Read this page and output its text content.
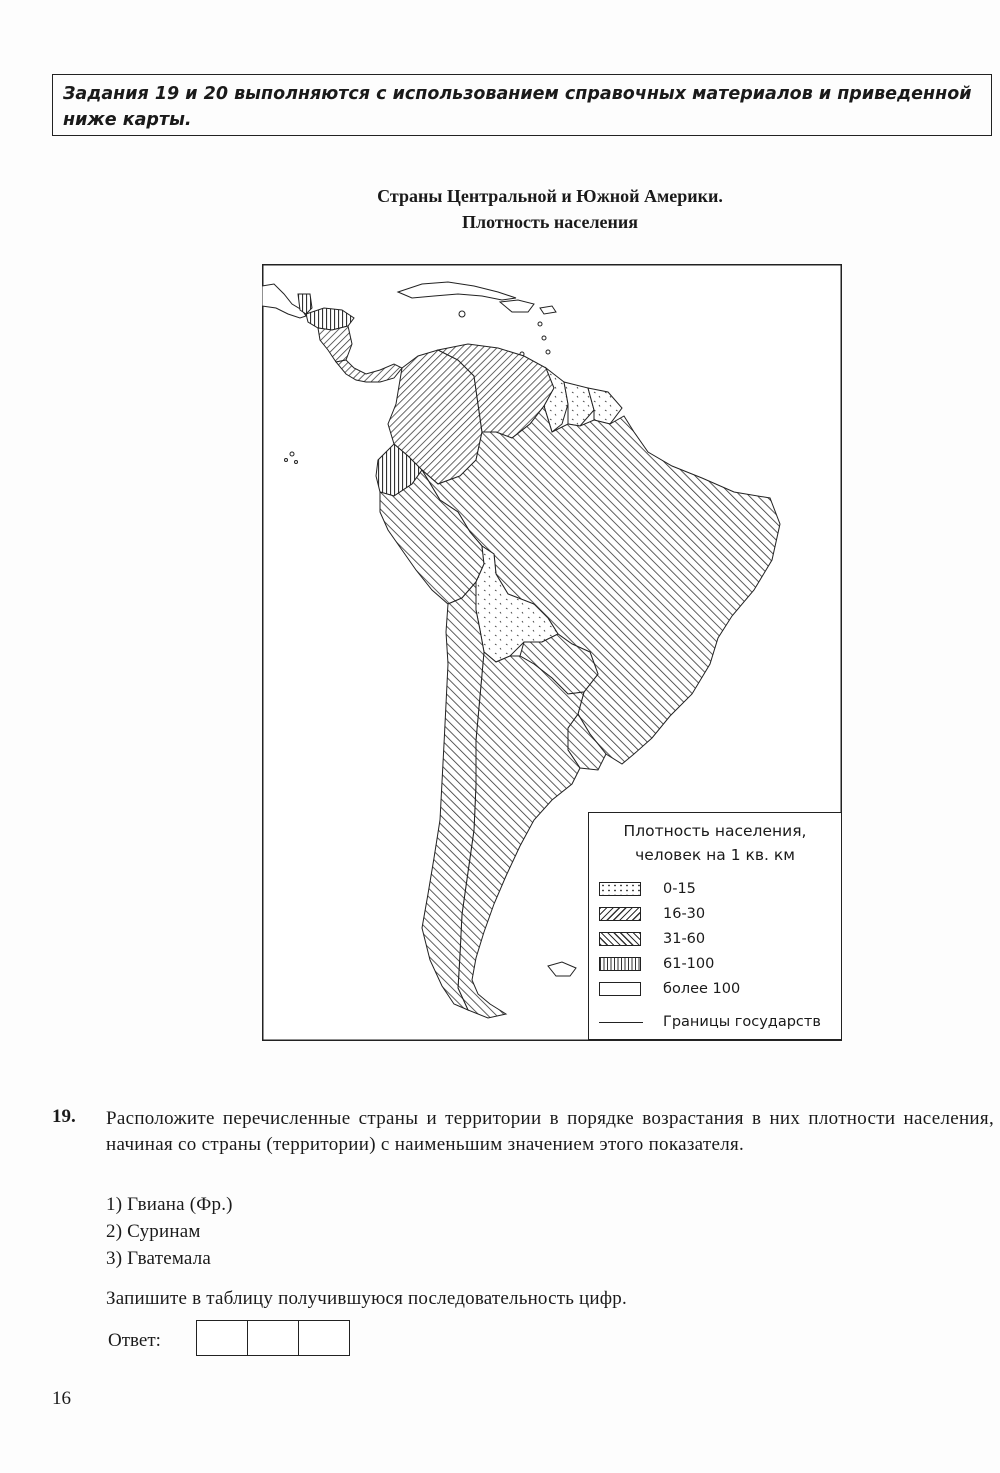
Задания 19 и 20 выполняются с использованием справочных материалов и приведенной ниже карты.
Страны Центральной и Южной Америки.
Плотность населения
Плотность населения,
человек на 1 кв. км
0-15
16-30
31-60
61-100
более 100
Границы государств
19. Расположите перечисленные страны и территории в порядке возрастания в них плотности населения, начиная со страны (территории) с наименьшим значением этого показателя.
1) Гвиана (Фр.)
2) Суринам
3) Гватемала
Запишите в таблицу получившуюся последовательность цифр.
Ответ:
16
